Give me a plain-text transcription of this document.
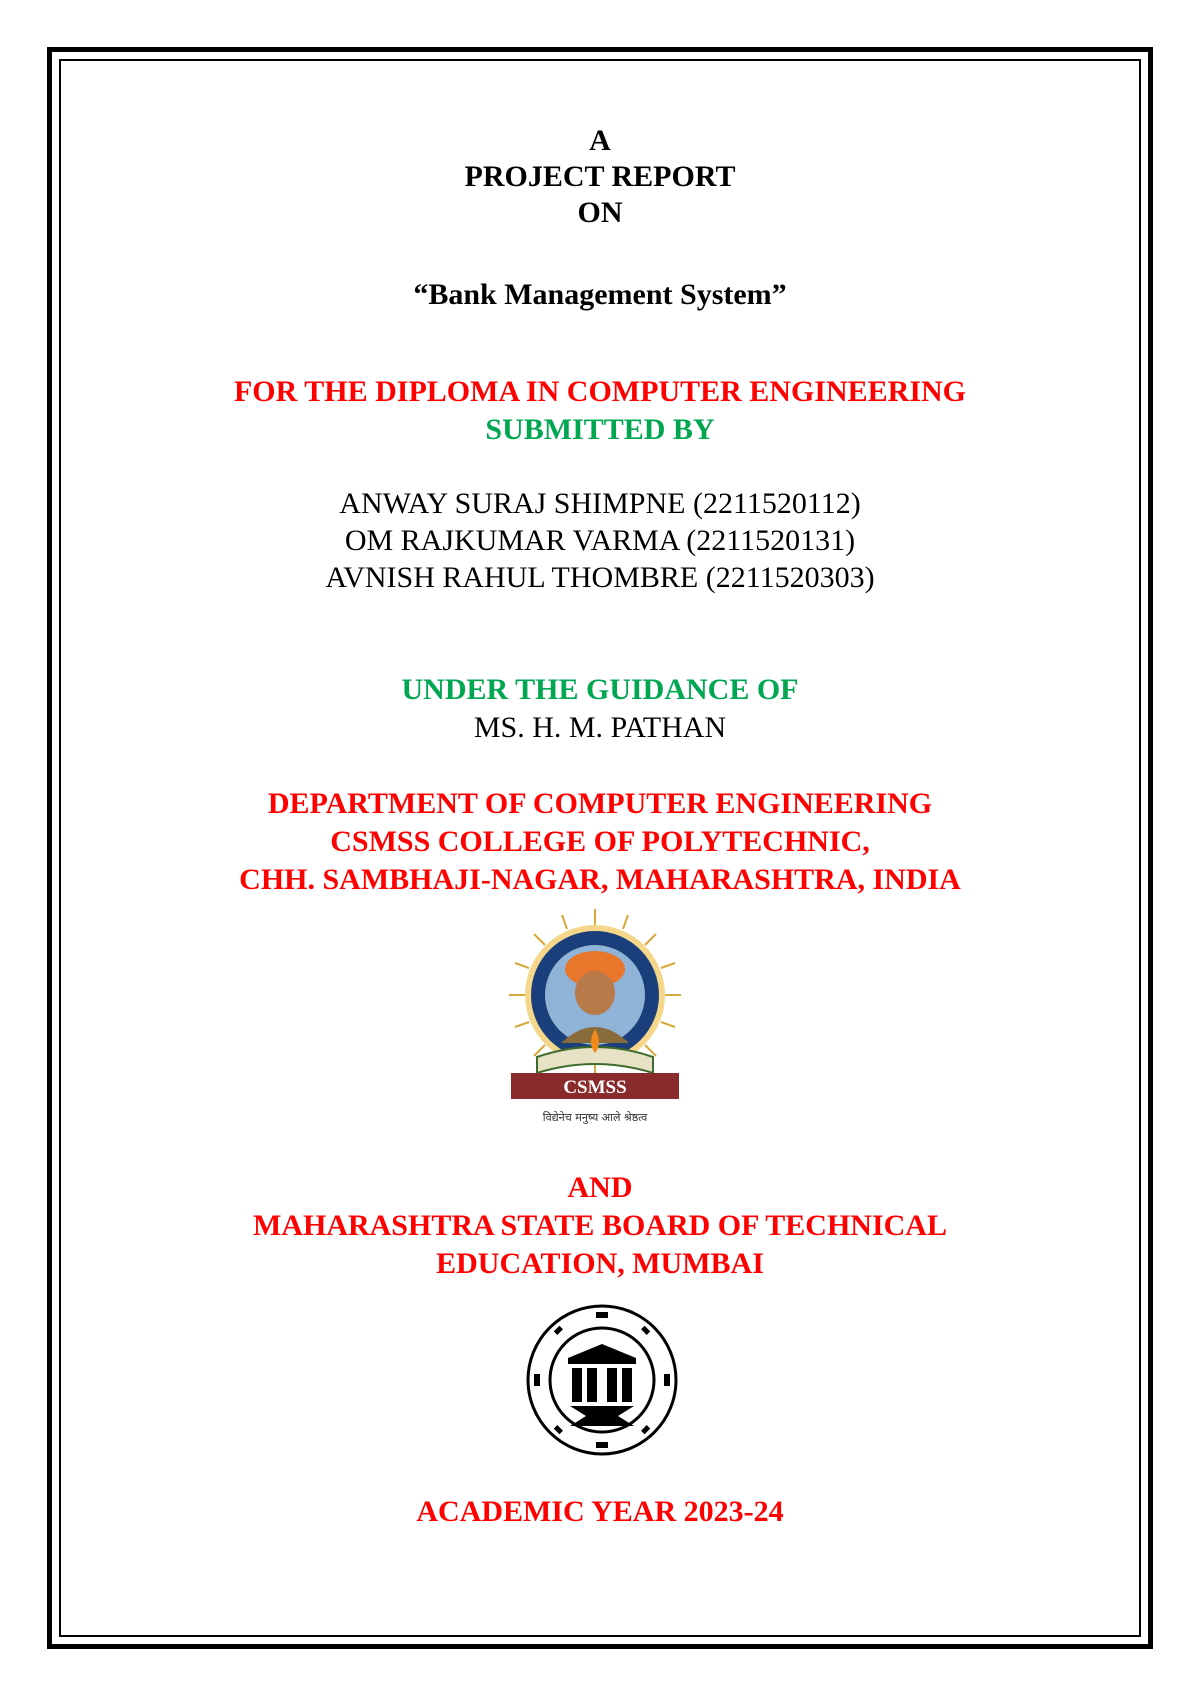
A
PROJECT REPORT
ON
“Bank Management System”
FOR THE DIPLOMA IN COMPUTER ENGINEERING
SUBMITTED BY
ANWAY SURAJ SHIMPNE (2211520112)
OM RAJKUMAR VARMA (2211520131)
AVNISH RAHUL THOMBRE (2211520303)
UNDER THE GUIDANCE OF
MS. H. M. PATHAN
DEPARTMENT OF COMPUTER ENGINEERING
CSMSS COLLEGE OF POLYTECHNIC,
CHH. SAMBHAJI-NAGAR, MAHARASHTRA, INDIA
CSMSS
विद्येनेच मनुष्य आले श्रेष्ठत्व
AND
MAHARASHTRA STATE BOARD OF TECHNICAL
EDUCATION, MUMBAI
ACADEMIC YEAR 2023-24
